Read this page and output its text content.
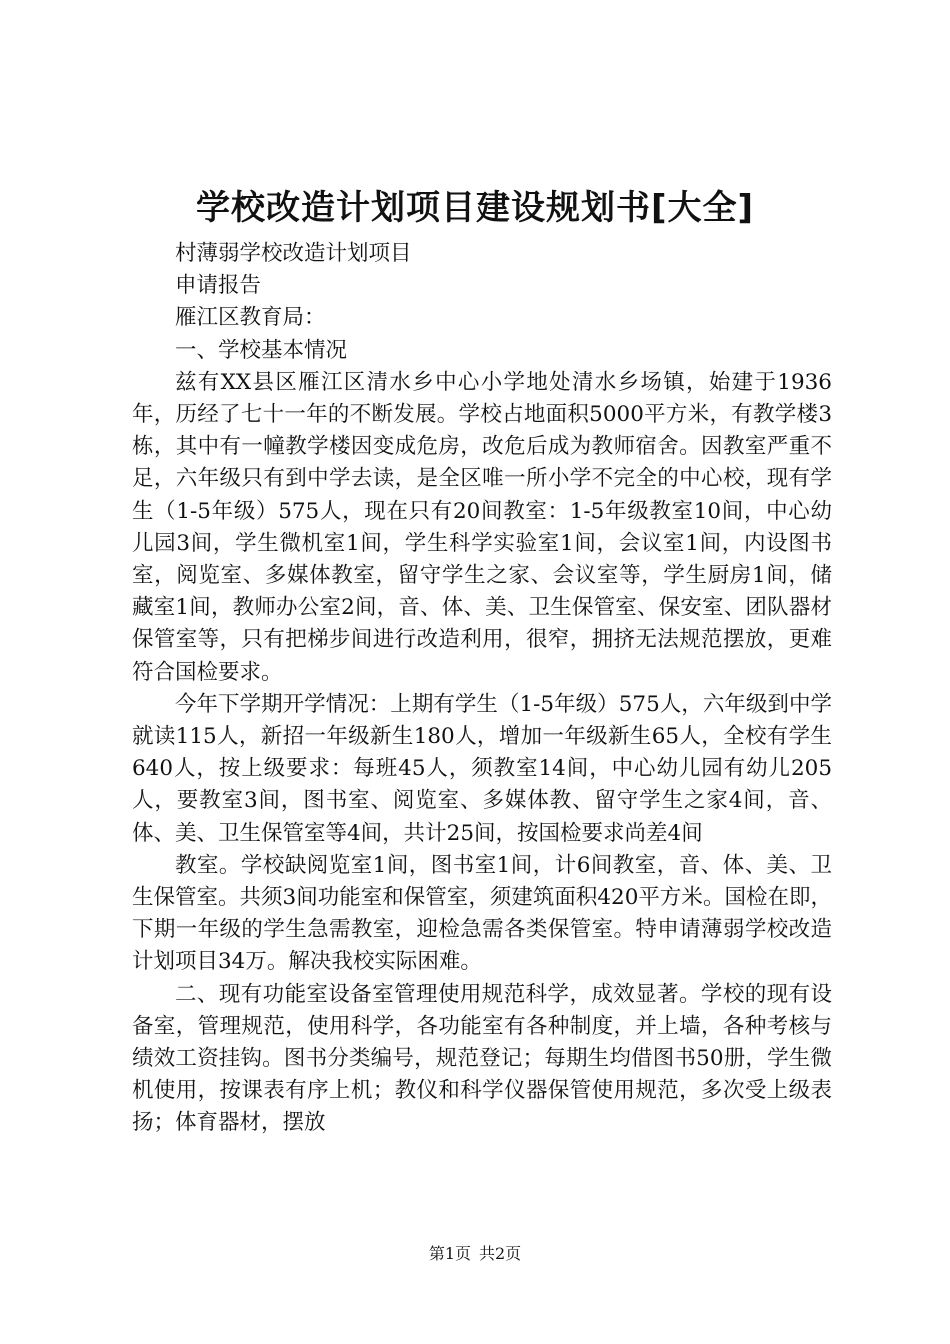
学校改造计划项目建设规划书[大全]

村薄弱学校改造计划项目

申请报告

雁江区教育局：

一、学校基本情况

兹有XX县区雁江区清水乡中心小学地处清水乡场镇，始建于1936年，历经了七十一年的不断发展。学校占地面积5000平方米，有教学楼3栋，其中有一幢教学楼因变成危房，改危后成为教师宿舍。因教室严重不足，六年级只有到中学去读，是全区唯一所小学不完全的中心校，现有学生（1-5年级）575人，现在只有20间教室：1-5年级教室10间，中心幼儿园3间，学生微机室1间，学生科学实验室1间，会议室1间，内设图书室，阅览室、多媒体教室，留守学生之家、会议室等，学生厨房1间，储藏室1间，教师办公室2间，音、体、美、卫生保管室、保安室、团队器材保管室等，只有把梯步间进行改造利用，很窄，拥挤无法规范摆放，更难符合国检要求。

今年下学期开学情况：上期有学生（1-5年级）575人，六年级到中学就读115人，新招一年级新生180人，增加一年级新生65人，全校有学生640人，按上级要求：每班45人，须教室14间，中心幼儿园有幼儿205人，要教室3间，图书室、阅览室、多媒体教、留守学生之家4间，音、体、美、卫生保管室等4间，共计25间，按国检要求尚差4间

教室。学校缺阅览室1间，图书室1间，计6间教室，音、体、美、卫生保管室。共须3间功能室和保管室，须建筑面积420平方米。国检在即，下期一年级的学生急需教室，迎检急需各类保管室。特申请薄弱学校改造计划项目34万。解决我校实际困难。

二、现有功能室设备室管理使用规范科学，成效显著。学校的现有设备室，管理规范，使用科学，各功能室有各种制度，并上墙，各种考核与绩效工资挂钩。图书分类编号，规范登记；每期生均借图书50册，学生微机使用，按课表有序上机；教仪和科学仪器保管使用规范，多次受上级表扬；体育器材，摆放

第1页 共2页
